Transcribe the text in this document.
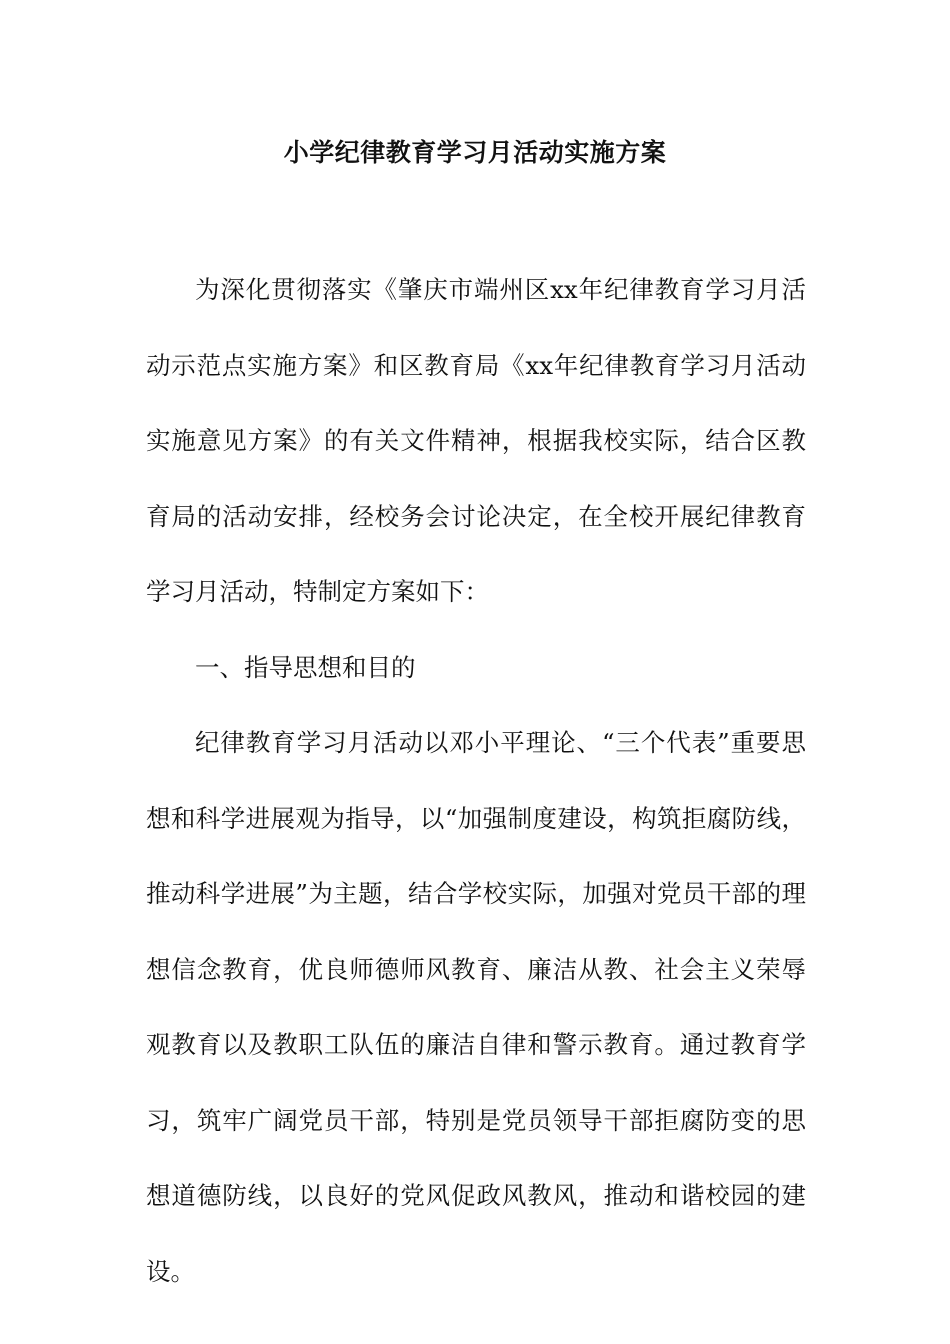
小学纪律教育学习月活动实施方案

为深化贯彻落实《肇庆市端州区xx年纪律教育学习月活动示范点实施方案》和区教育局《xx年纪律教育学习月活动实施意见方案》的有关文件精神，根据我校实际，结合区教育局的活动安排，经校务会讨论决定，在全校开展纪律教育学习月活动，特制定方案如下：

一、指导思想和目的

纪律教育学习月活动以邓小平理论、“三个代表”重要思想和科学进展观为指导，以“加强制度建设，构筑拒腐防线，推动科学进展”为主题，结合学校实际，加强对党员干部的理想信念教育，优良师德师风教育、廉洁从教、社会主义荣辱观教育以及教职工队伍的廉洁自律和警示教育。通过教育学习，筑牢广阔党员干部，特别是党员领导干部拒腐防变的思想道德防线，以良好的党风促政风教风，推动和谐校园的建设。
